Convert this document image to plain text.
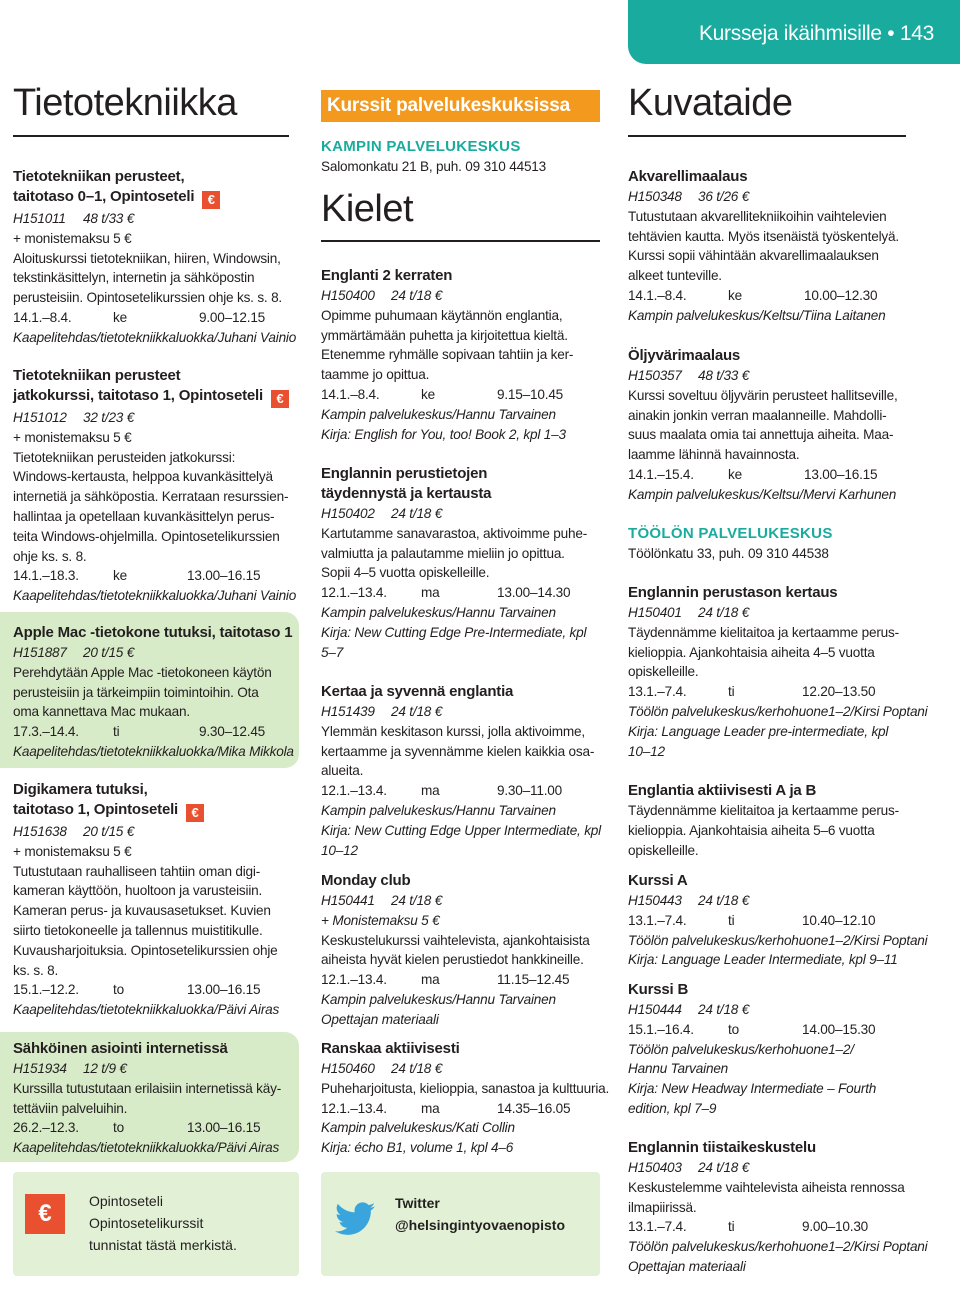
Kursseja ikäihmisille • 143
Tietotekniikka
Tietotekniikan perusteet,
taitotaso 0–1, Opintoseteli €
H151011 48 t/33 €
+ monistemaksu 5 €
Aloituskurssi tietotekniikan, hiiren, Windowsin,
tekstinkäsittelyn, internetin ja sähköpostin
perusteisiin. Opintosetelikurssien ohje ks. s. 8.
14.1.–8.4.	ke	9.00–12.15
Kaapelitehdas/tietotekniikkaluokka/Juhani Vainio
Tietotekniikan perusteet
jatkokurssi, taitotaso 1, Opintoseteli €
H151012 32 t/23 €
+ monistemaksu 5 €
Tietotekniikan perusteiden jatkokurssi:
Windows-kertausta, helppoa kuvankäsittelyä
internetiä ja sähköpostia. Kerrataan resurssien-
hallintaa ja opetellaan kuvankäsittelyn perus-
teita Windows-ohjelmilla. Opintosetelikurssien
ohje ks. s. 8.
14.1.–18.3.	ke	13.00–16.15
Kaapelitehdas/tietotekniikkaluokka/Juhani Vainio
Apple Mac -tietokone tutuksi, taitotaso 1
H151887 20 t/15 €
Perehdytään Apple Mac -tietokoneen käytön
perusteisiin ja tärkeimpiin toimintoihin. Ota
oma kannettava Mac mukaan.
17.3.–14.4.	ti	9.30–12.45
Kaapelitehdas/tietotekniikkaluokka/Mika Mikkola
Digikamera tutuksi,
taitotaso 1, Opintoseteli €
H151638 20 t/15 €
+ monistemaksu 5 €
Tutustutaan rauhalliseen tahtiin oman digi-
kameran käyttöön, huoltoon ja varusteisiin.
Kameran perus- ja kuvausasetukset. Kuvien
siirto tietokoneelle ja tallennus muistitikulle.
Kuvausharjoituksia. Opintosetelikurssien ohje
ks. s. 8.
15.1.–12.2.	to	13.00–16.15
Kaapelitehdas/tietotekniikkaluokka/Päivi Airas
Sähköinen asiointi internetissä
H151934 12 t/9 €
Kurssilla tutustutaan erilaisiin internetissä käy-
tettäviin palveluihin.
26.2.–12.3.	to	13.00–16.15
Kaapelitehdas/tietotekniikkaluokka/Päivi Airas
€	Opintoseteli
Opintosetelikurssit
tunnistat tästä merkistä.
Kurssit palvelukeskuksissa
KAMPIN PALVELUKESKUS
Salomonkatu 21 B, puh. 09 310 44513
Kielet
Englanti 2 kerraten
H150400 24 t/18 €
Opimme puhumaan käytännön englantia,
ymmärtämään puhetta ja kirjoitettua kieltä.
Etenemme ryhmälle sopivaan tahtiin ja ker-
taamme jo opittua.
14.1.–8.4.	ke	9.15–10.45
Kampin palvelukeskus/Hannu Tarvainen
Kirja: English for You, too! Book 2, kpl 1–3
Englannin perustietojen
täydennystä ja kertausta
H150402 24 t/18 €
Kartutamme sanavarastoa, aktivoimme puhe-
valmiutta ja palautamme mieliin jo opittua.
Sopii 4–5 vuotta opiskelleille.
12.1.–13.4.	ma	13.00–14.30
Kampin palvelukeskus/Hannu Tarvainen
Kirja: New Cutting Edge Pre-Intermediate, kpl
5–7
Kertaa ja syvennä englantia
H151439 24 t/18 €
Ylemmän keskitason kurssi, jolla aktivoimme,
kertaamme ja syvennämme kielen kaikkia osa-
alueita.
12.1.–13.4.	ma	9.30–11.00
Kampin palvelukeskus/Hannu Tarvainen
Kirja: New Cutting Edge Upper Intermediate, kpl
10–12
Monday club
H150441 24 t/18 €
+ Monistemaksu 5 €
Keskustelukurssi vaihtelevista, ajankohtaisista
aiheista hyvät kielen perustiedot hankkineille.
12.1.–13.4.	ma	11.15–12.45
Kampin palvelukeskus/Hannu Tarvainen
Opettajan materiaali
Ranskaa aktiivisesti
H150460 24 t/18 €
Puheharjoitusta, kielioppia, sanastoa ja kulttuuria.
12.1.–13.4.	ma	14.35–16.05
Kampin palvelukeskus/Kati Collin
Kirja: écho B1, volume 1, kpl 4–6
Twitter
@helsingintyovaenopisto
Kuvataide
Akvarellimaalaus
H150348 36 t/26 €
Tutustutaan akvarellitekniikoihin vaihtelevien
tehtävien kautta. Myös itsenäistä työskentelyä.
Kurssi sopii vähintään akvarellimaalauksen
alkeet tunteville.
14.1.–8.4.	ke	10.00–12.30
Kampin palvelukeskus/Keltsu/Tiina Laitanen
Öljyvärimaalaus
H150357 48 t/33 €
Kurssi soveltuu öljyvärin perusteet hallitseville,
ainakin jonkin verran maalanneille. Mahdolli-
suus maalata omia tai annettuja aiheita. Maa-
laamme lähinnä havainnosta.
14.1.–15.4.	ke	13.00–16.15
Kampin palvelukeskus/Keltsu/Mervi Karhunen
TÖÖLÖN PALVELUKESKUS
Töölönkatu 33, puh. 09 310 44538
Englannin perustason kertaus
H150401 24 t/18 €
Täydennämme kielitaitoa ja kertaamme perus-
kielioppia. Ajankohtaisia aiheita 4–5 vuotta
opiskelleille.
13.1.–7.4.	ti	12.20–13.50
Töölön palvelukeskus/kerhohuone1–2/Kirsi Poptani
Kirja: Language Leader pre-intermediate, kpl
10–12
Englantia aktiivisesti A ja B
Täydennämme kielitaitoa ja kertaamme perus-
kielioppia. Ajankohtaisia aiheita 5–6 vuotta
opiskelleille.
Kurssi A
H150443 24 t/18 €
13.1.–7.4.	ti	10.40–12.10
Töölön palvelukeskus/kerhohuone1–2/Kirsi Poptani
Kirja: Language Leader Intermediate, kpl 9–11
Kurssi B
H150444 24 t/18 €
15.1.–16.4.	to	14.00–15.30
Töölön palvelukeskus/kerhohuone1–2/
Hannu Tarvainen
Kirja: New Headway Intermediate – Fourth
edition, kpl 7–9
Englannin tiistaikeskustelu
H150403 24 t/18 €
Keskustelemme vaihtelevista aiheista rennossa
ilmapiirissä.
13.1.–7.4.	ti	9.00–10.30
Töölön palvelukeskus/kerhohuone1–2/Kirsi Poptani
Opettajan materiaali
